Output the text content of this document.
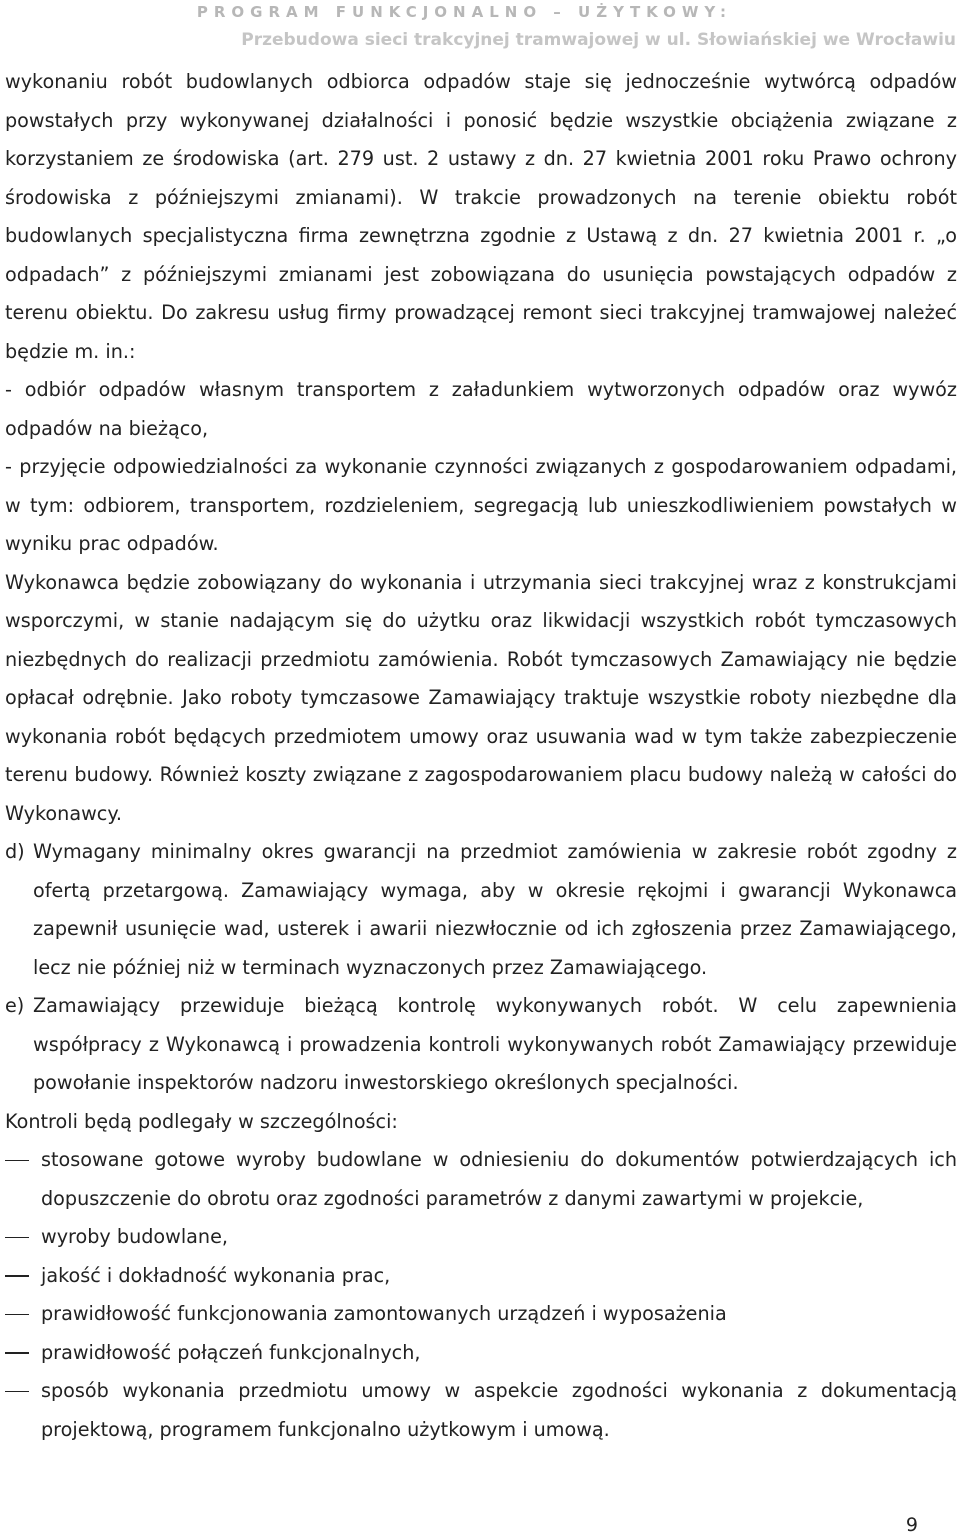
PROGRAM FUNKCJONALNO – UŻYTKOWY:
Przebudowa sieci trakcyjnej tramwajowej w ul. Słowiańskiej we Wrocławiu

wykonaniu robót budowlanych odbiorca odpadów staje się jednocześnie wytwórcą odpadów powstałych przy wykonywanej działalności i ponosić będzie wszystkie obciążenia związane z korzystaniem ze środowiska (art. 279 ust. 2 ustawy z dn. 27 kwietnia 2001 roku Prawo ochrony środowiska z późniejszymi zmianami). W trakcie prowadzonych na terenie obiektu robót budowlanych specjalistyczna firma zewnętrzna zgodnie z Ustawą z dn. 27 kwietnia 2001 r. „o odpadach” z późniejszymi zmianami jest zobowiązana do usunięcia powstających odpadów z terenu obiektu. Do zakresu usług firmy prowadzącej remont sieci trakcyjnej tramwajowej należeć będzie m. in.:

- odbiór odpadów własnym transportem z załadunkiem wytworzonych odpadów oraz wywóz odpadów na bieżąco,

- przyjęcie odpowiedzialności za wykonanie czynności związanych z gospodarowaniem odpadami, w tym: odbiorem, transportem, rozdzieleniem, segregacją lub unieszkodliwieniem powstałych w wyniku prac odpadów.

Wykonawca będzie zobowiązany do wykonania i utrzymania sieci trakcyjnej wraz z konstrukcjami wsporczymi, w stanie nadającym się do użytku oraz likwidacji wszystkich robót tymczasowych niezbędnych do realizacji przedmiotu zamówienia. Robót tymczasowych Zamawiający nie będzie opłacał odrębnie. Jako roboty tymczasowe Zamawiający traktuje wszystkie roboty niezbędne dla wykonania robót będących przedmiotem umowy oraz usuwania wad w tym także zabezpieczenie terenu budowy. Również koszty związane z zagospodarowaniem placu budowy należą w całości do Wykonawcy.

d) Wymagany minimalny okres gwarancji na przedmiot zamówienia w zakresie robót zgodny z ofertą przetargową. Zamawiający wymaga, aby w okresie rękojmi i gwarancji Wykonawca zapewnił usunięcie wad, usterek i awarii niezwłocznie od ich zgłoszenia przez Zamawiającego, lecz nie później niż w terminach wyznaczonych przez Zamawiającego.
e) Zamawiający przewiduje bieżącą kontrolę wykonywanych robót. W celu zapewnienia współpracy z Wykonawcą i prowadzenia kontroli wykonywanych robót Zamawiający przewiduje powołanie inspektorów nadzoru inwestorskiego określonych specjalności.

Kontroli będą podlegały w szczególności:

stosowane gotowe wyroby budowlane w odniesieniu do dokumentów potwierdzających ich dopuszczenie do obrotu oraz zgodności parametrów z danymi zawartymi w projekcie,
wyroby budowlane,
jakość i dokładność wykonania prac,
prawidłowość funkcjonowania zamontowanych urządzeń i wyposażenia
prawidłowość połączeń funkcjonalnych,
sposób wykonania przedmiotu umowy w aspekcie zgodności wykonania z dokumentacją projektową, programem funkcjonalno użytkowym i umową.
9
